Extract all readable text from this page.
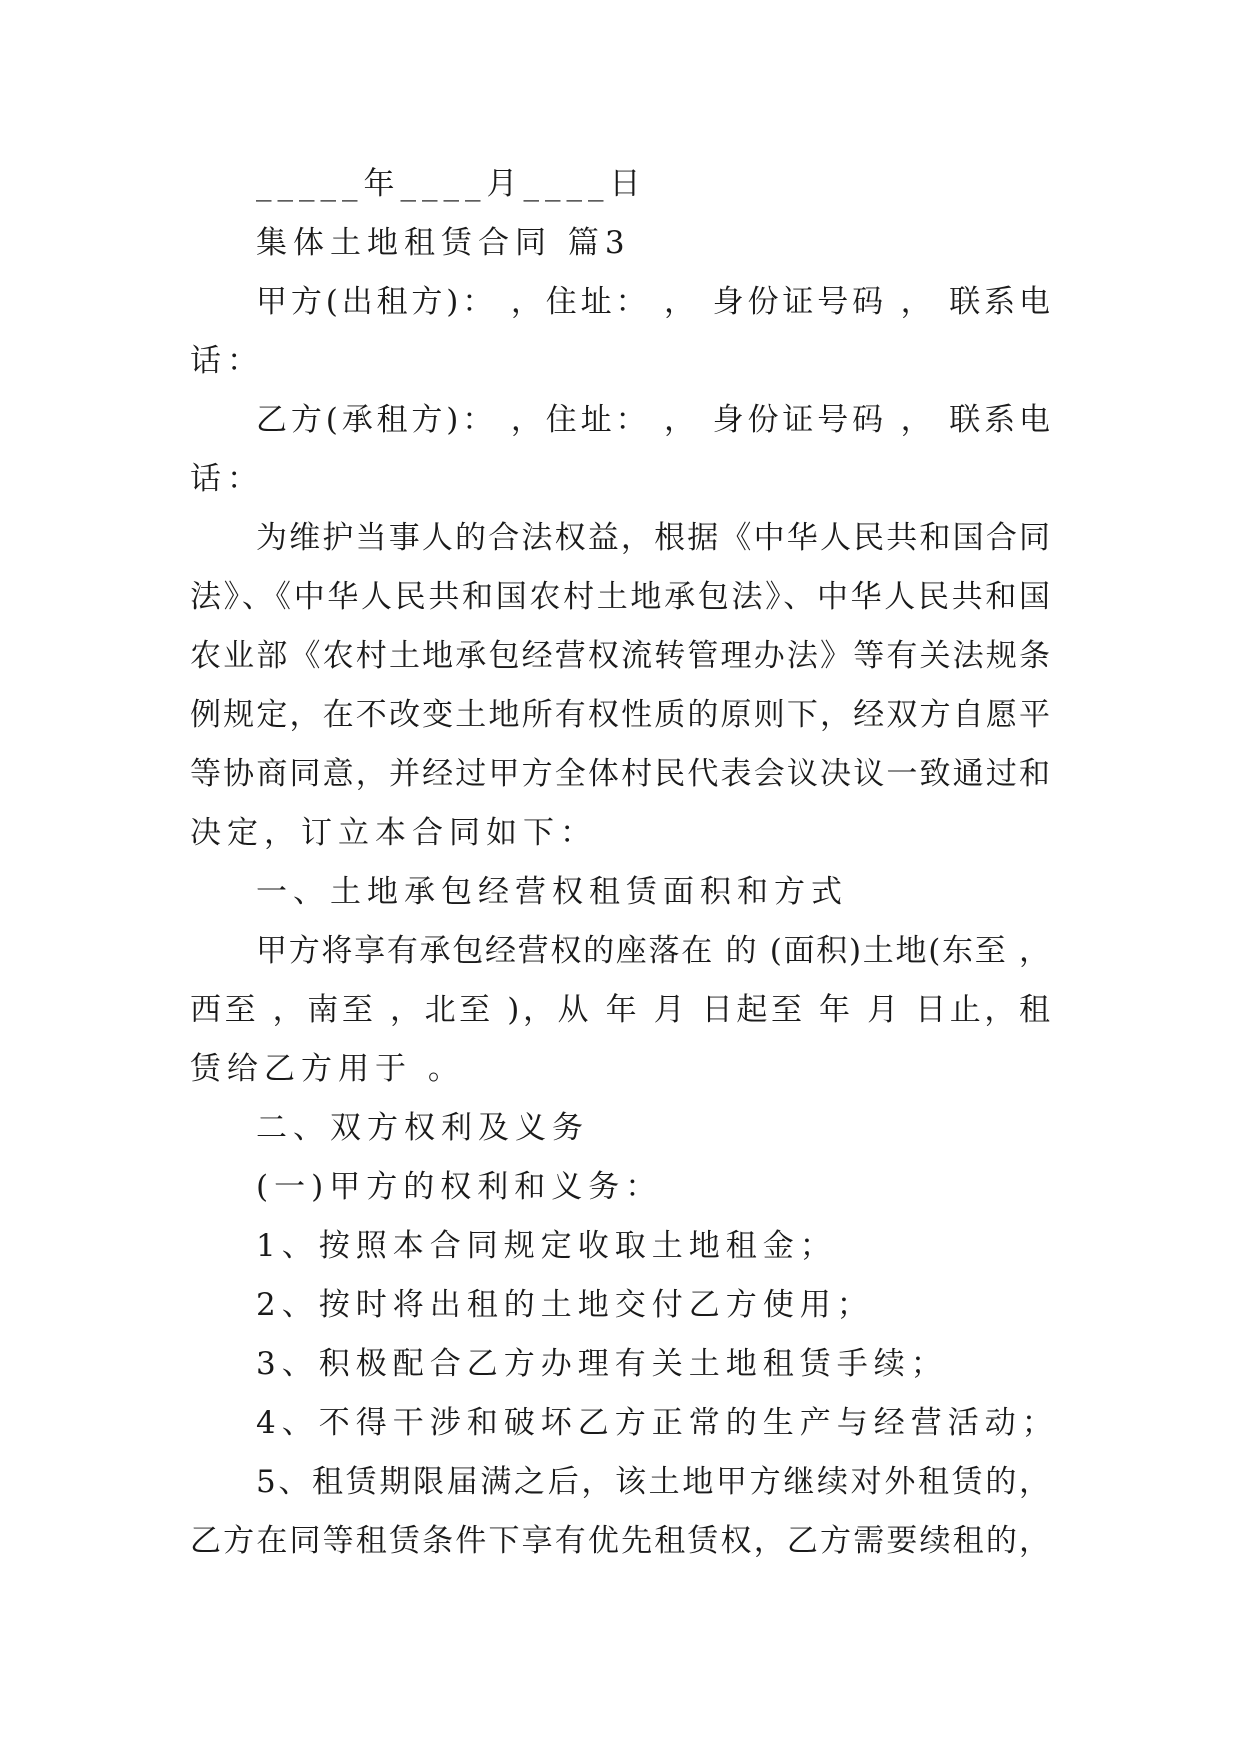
_____年____月____日
集体土地租赁合同 篇3
甲方(出租方)： ，住址： ， 身份证号码 ， 联系电
话：
乙方(承租方)： ，住址： ， 身份证号码 ， 联系电
话：
为维护当事人的合法权益，根据《中华人民共和国合同
法》、《中华人民共和国农村土地承包法》、中华人民共和国
农业部《农村土地承包经营权流转管理办法》等有关法规条
例规定，在不改变土地所有权性质的原则下，经双方自愿平
等协商同意，并经过甲方全体村民代表会议决议一致通过和
决定，订立本合同如下：
一、土地承包经营权租赁面积和方式
甲方将享有承包经营权的座落在 的 (面积)土地(东至 ，
西至 ，南至 ，北至 )，从 年 月 日起至 年 月 日止，租
赁给乙方用于 。
二、双方权利及义务
(一)甲方的权利和义务：
1、按照本合同规定收取土地租金；
2、按时将出租的土地交付乙方使用；
3、积极配合乙方办理有关土地租赁手续；
4、不得干涉和破坏乙方正常的生产与经营活动；
5、租赁期限届满之后，该土地甲方继续对外租赁的，
乙方在同等租赁条件下享有优先租赁权，乙方需要续租的，
